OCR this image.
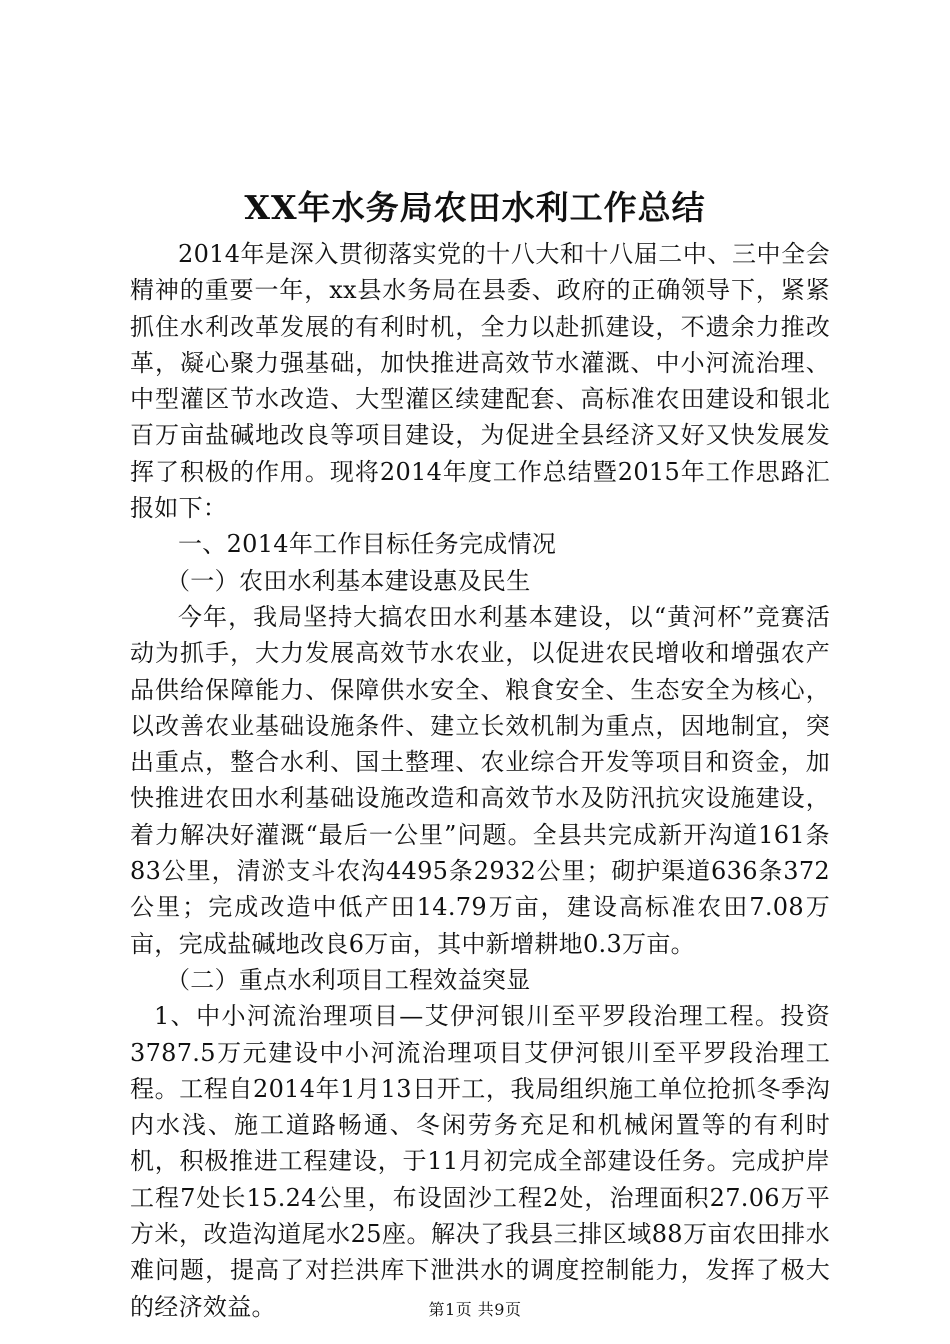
XX年水务局农田水利工作总结

2014年是深入贯彻落实党的十八大和十八届二中、三中全会精神的重要一年，xx县水务局在县委、政府的正确领导下，紧紧抓住水利改革发展的有利时机，全力以赴抓建设，不遗余力推改革，凝心聚力强基础，加快推进高效节水灌溉、中小河流治理、中型灌区节水改造、大型灌区续建配套、高标准农田建设和银北百万亩盐碱地改良等项目建设，为促进全县经济又好又快发展发挥了积极的作用。现将2014年度工作总结暨2015年工作思路汇报如下：

一、2014年工作目标任务完成情况

（一）农田水利基本建设惠及民生

今年，我局坚持大搞农田水利基本建设，以“黄河杯”竞赛活动为抓手，大力发展高效节水农业，以促进农民增收和增强农产品供给保障能力、保障供水安全、粮食安全、生态安全为核心，以改善农业基础设施条件、建立长效机制为重点，因地制宜，突出重点，整合水利、国土整理、农业综合开发等项目和资金，加快推进农田水利基础设施改造和高效节水及防汛抗灾设施建设，着力解决好灌溉“最后一公里”问题。全县共完成新开沟道161条83公里，清淤支斗农沟4495条2932公里；砌护渠道636条372公里；完成改造中低产田14.79万亩，建设高标准农田7.08万亩，完成盐碱地改良6万亩，其中新增耕地0.3万亩。

（二）重点水利项目工程效益突显

1、中小河流治理项目—艾伊河银川至平罗段治理工程。投资3787.5万元建设中小河流治理项目艾伊河银川至平罗段治理工程。工程自2014年1月13日开工，我局组织施工单位抢抓冬季沟内水浅、施工道路畅通、冬闲劳务充足和机械闲置等的有利时机，积极推进工程建设，于11月初完成全部建设任务。完成护岸工程7处长15.24公里，布设固沙工程2处，治理面积27.06万平方米，改造沟道尾水25座。解决了我县三排区域88万亩农田排水难问题，提高了对拦洪库下泄洪水的调度控制能力，发挥了极大的经济效益。	第1页 共9页
